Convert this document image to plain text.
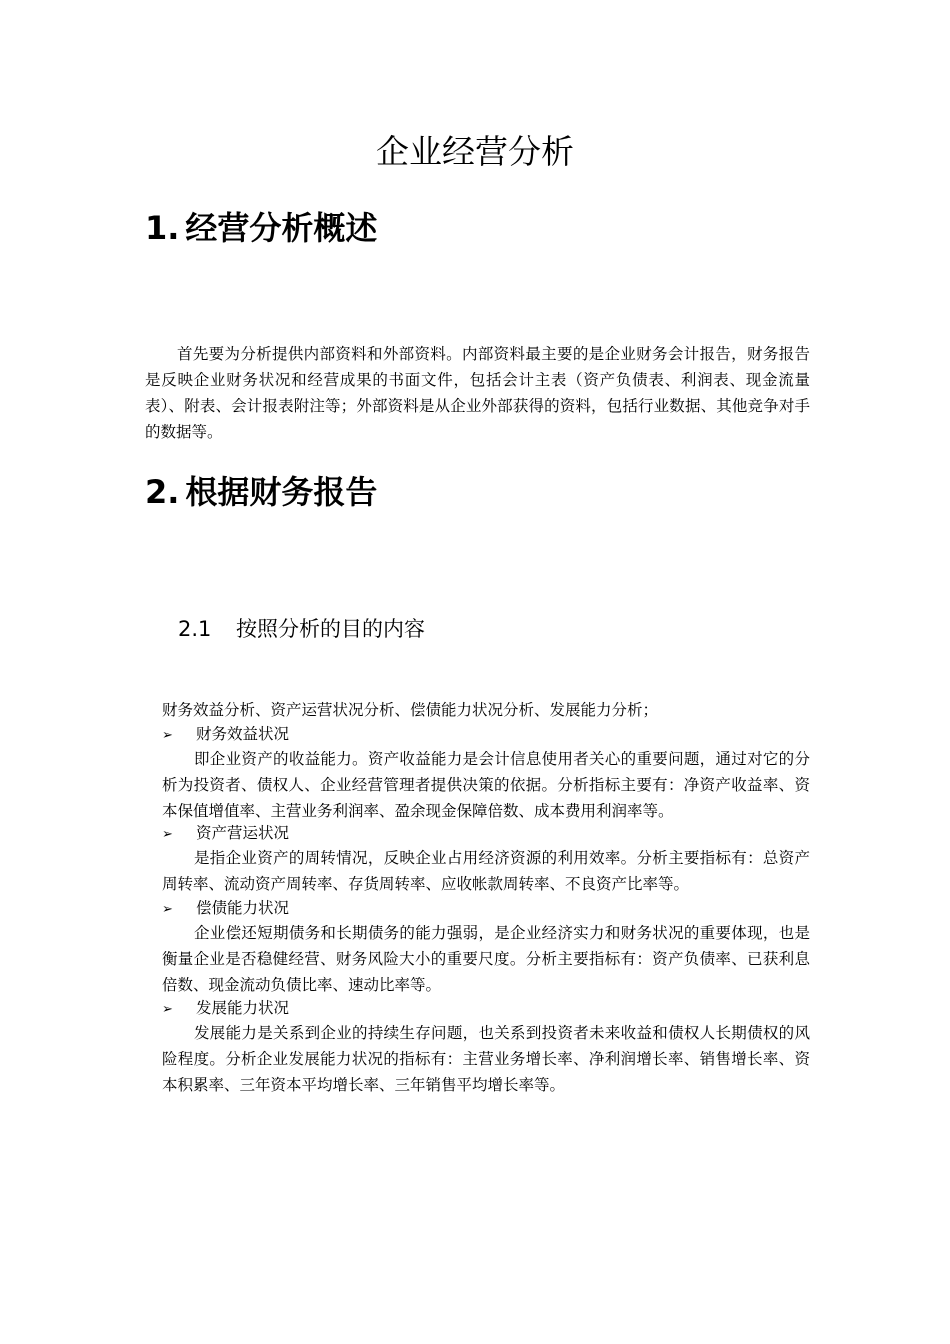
企业经营分析
1. 经营分析概述

首先要为分析提供内部资料和外部资料。内部资料最主要的是企业财务会计报告，财务报告是反映企业财务状况和经营成果的书面文件，包括会计主表（资产负债表、利润表、现金流量表）、附表、会计报表附注等；外部资料是从企业外部获得的资料，包括行业数据、其他竞争对手的数据等。

2. 根据财务报告
2.1 按照分析的目的内容

财务效益分析、资产运营状况分析、偿债能力状况分析、发展能力分析；

➢ 财务效益状况

即企业资产的收益能力。资产收益能力是会计信息使用者关心的重要问题，通过对它的分析为投资者、债权人、企业经营管理者提供决策的依据。分析指标主要有：净资产收益率、资本保值增值率、主营业务利润率、盈余现金保障倍数、成本费用利润率等。

➢ 资产营运状况

是指企业资产的周转情况，反映企业占用经济资源的利用效率。分析主要指标有：总资产周转率、流动资产周转率、存货周转率、应收帐款周转率、不良资产比率等。

➢ 偿债能力状况

企业偿还短期债务和长期债务的能力强弱，是企业经济实力和财务状况的重要体现，也是衡量企业是否稳健经营、财务风险大小的重要尺度。分析主要指标有：资产负债率、已获利息倍数、现金流动负债比率、速动比率等。

➢ 发展能力状况

发展能力是关系到企业的持续生存问题，也关系到投资者未来收益和债权人长期债权的风险程度。分析企业发展能力状况的指标有：主营业务增长率、净利润增长率、销售增长率、资本积累率、三年资本平均增长率、三年销售平均增长率等。
